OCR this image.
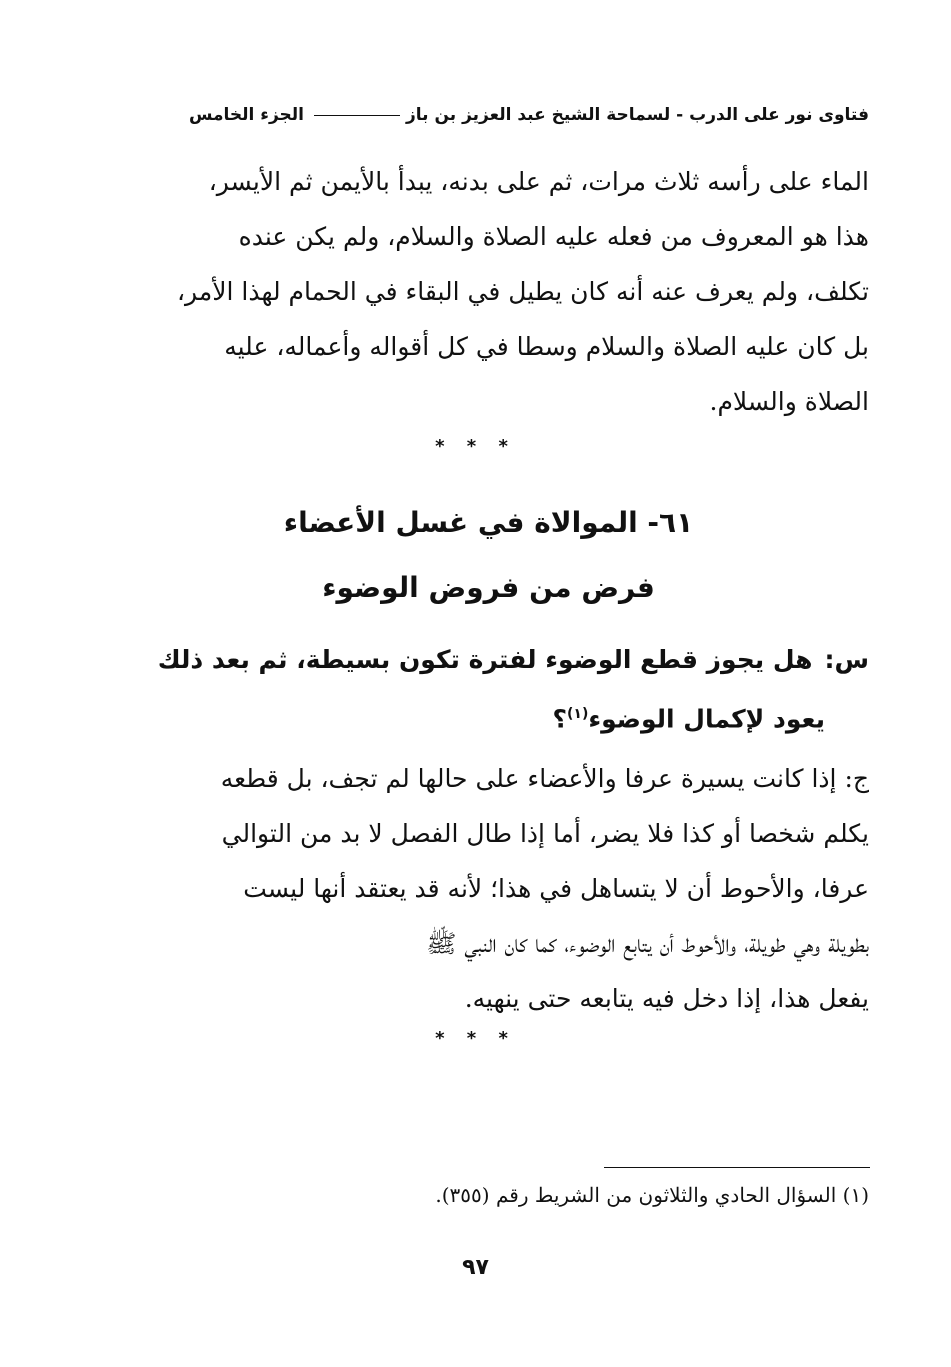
فتاوى نور على الدرب - لسماحة الشيخ عبد العزيز بن باز
الجزء الخامس
الماء على رأسه ثلاث مرات، ثم على بدنه، يبدأ بالأيمن ثم الأيسر،
هذا هو المعروف من فعله عليه الصلاة والسلام، ولم يكن عنده
تكلف، ولم يعرف عنه أنه كان يطيل في البقاء في الحمام لهذا الأمر،
بل كان عليه الصلاة والسلام وسطا في كل أقواله وأعماله، عليه
الصلاة والسلام.
* * *
٦١- الموالاة في غسل الأعضاء
فرض من فروض الوضوء
س:هل يجوز قطع الوضوء لفترة تكون بسيطة، ثم بعد ذلك
يعود لإكمال الوضوء$^{(١)}$؟
ج: إذا كانت يسيرة عرفا والأعضاء على حالها لم تجف، بل قطعه
يكلم شخصا أو كذا فلا يضر، أما إذا طال الفصل لا بد من التوالي
عرفا، والأحوط أن لا يتساهل في هذا؛ لأنه قد يعتقد أنها ليست
بطويلة وهي طويلة، والأحوط أن يتابع الوضوء، كما كان النبي ﷺ
يفعل هذا، إذا دخل فيه يتابعه حتى ينهيه.
* * *
(١) السؤال الحادي والثلاثون من الشريط رقم (٣٥٥).
٩٧
